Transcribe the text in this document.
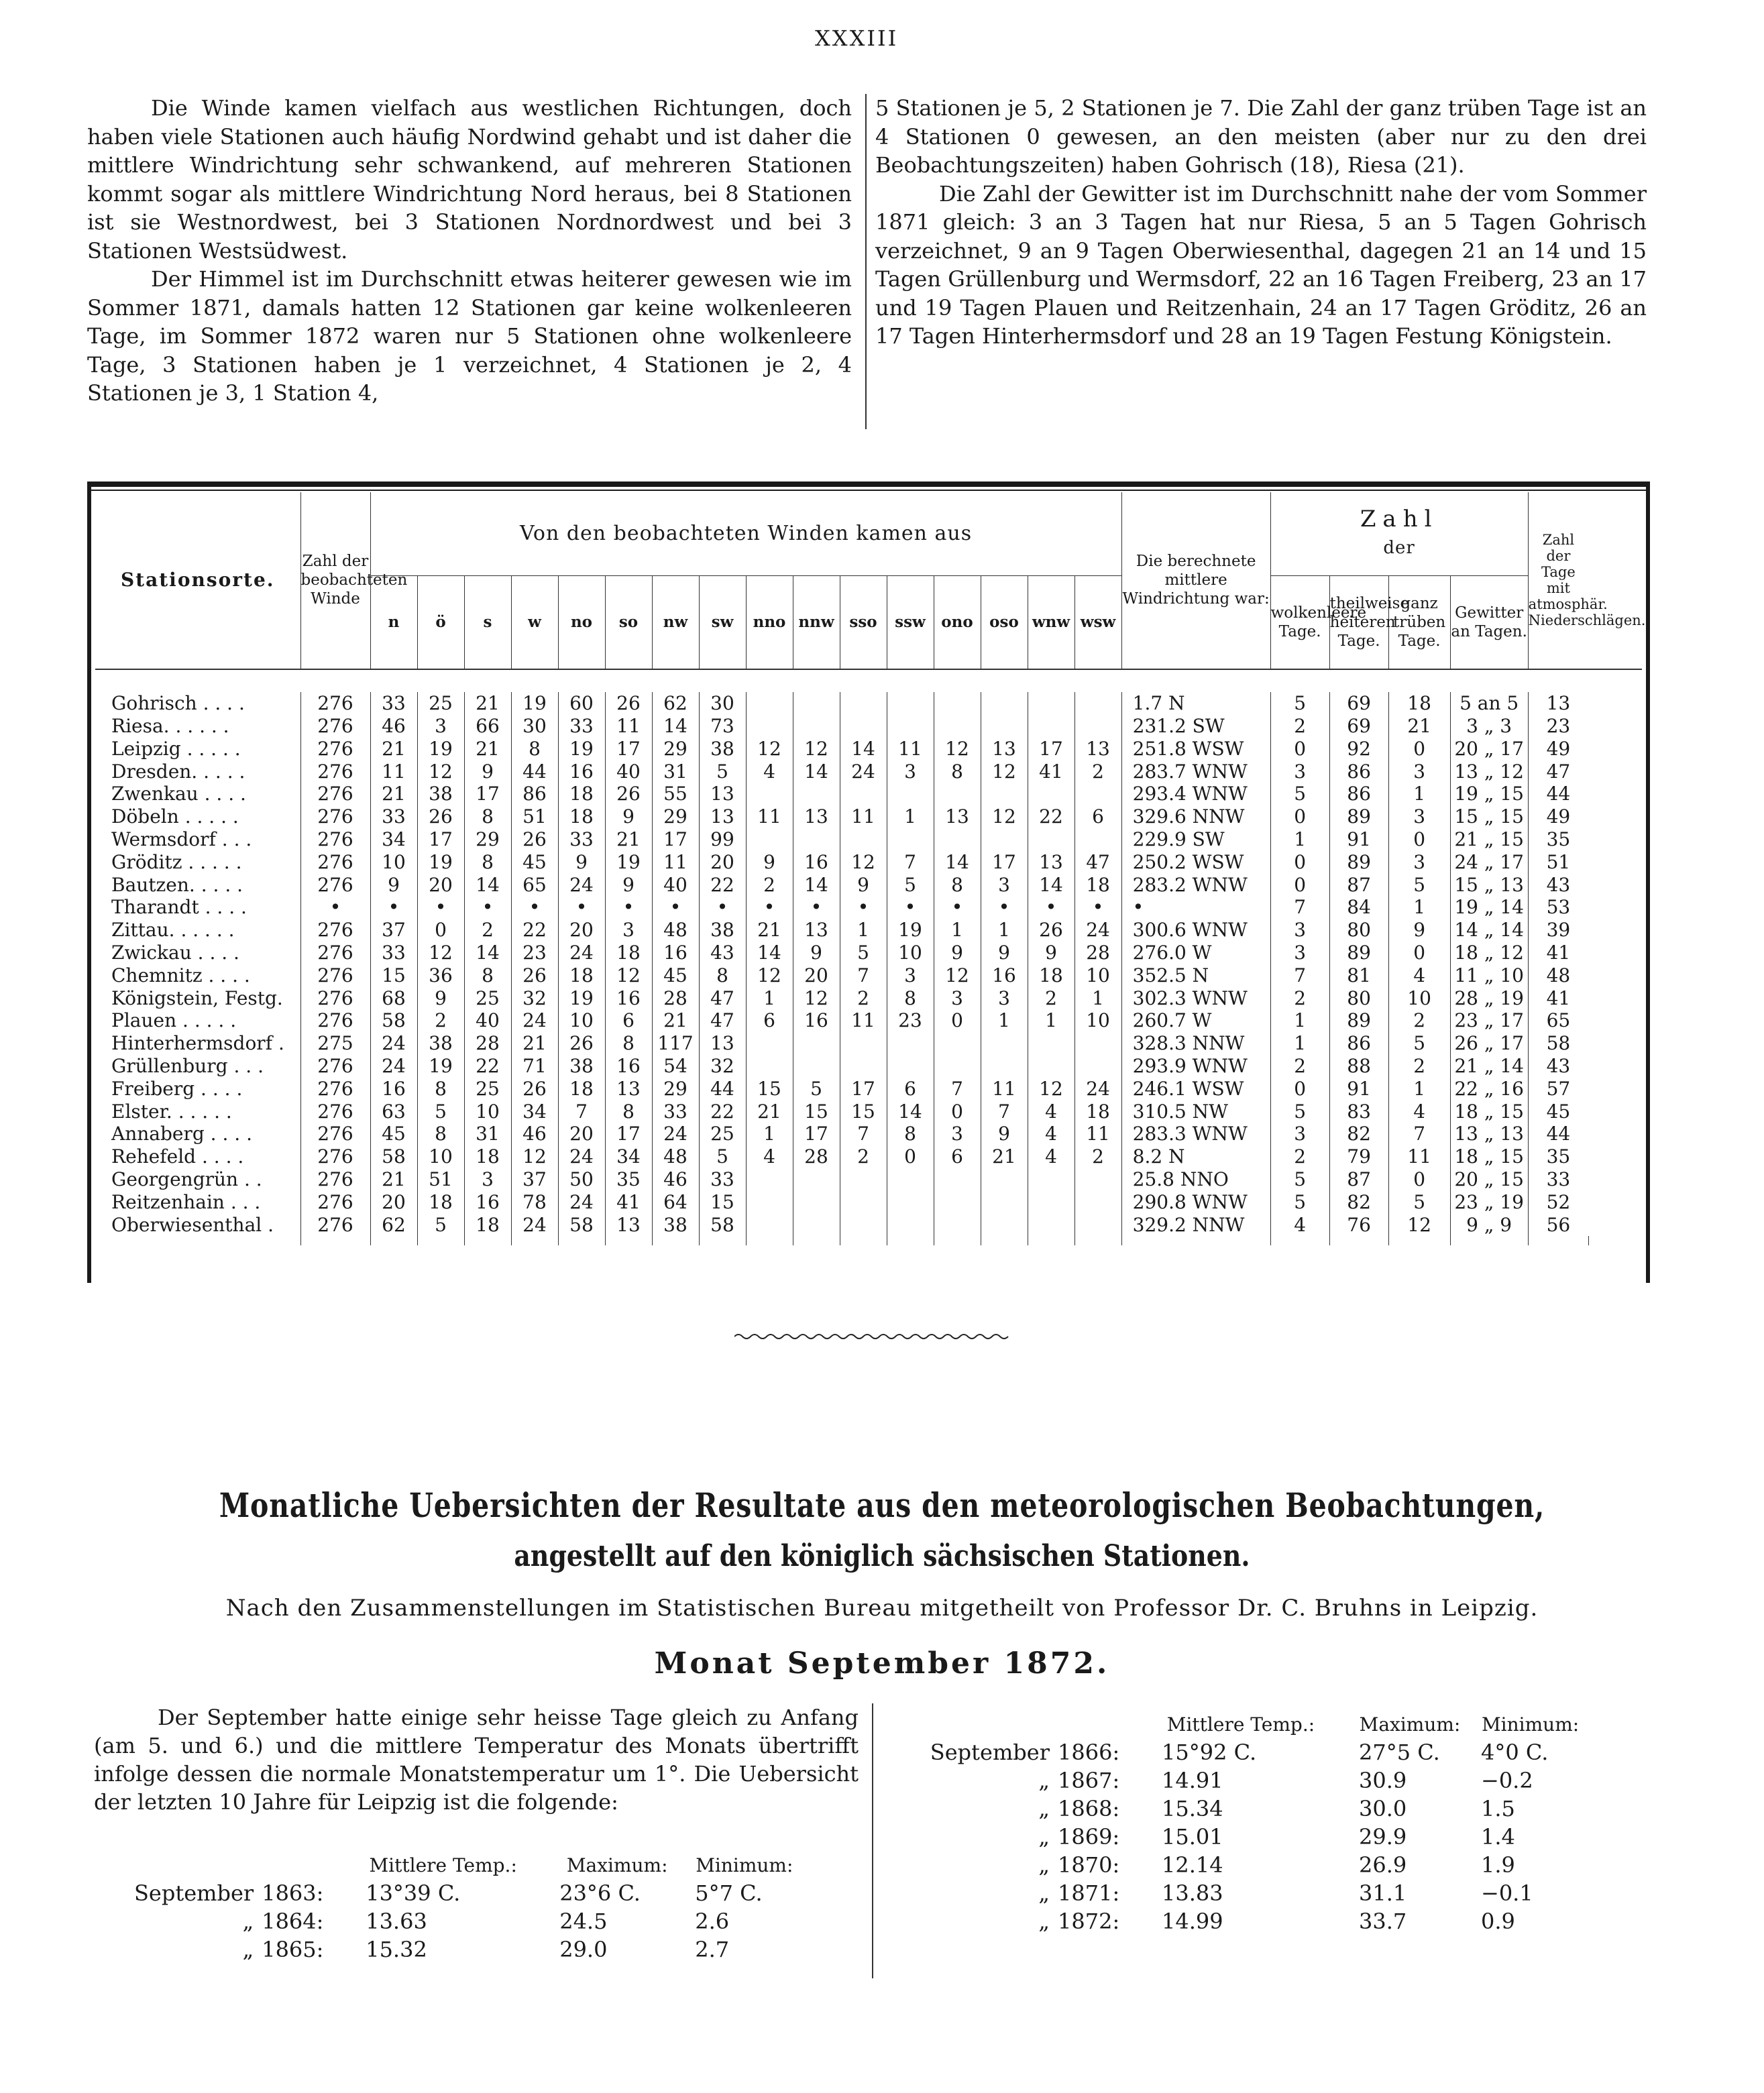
XXXIII

Die Winde kamen vielfach aus westlichen Richtungen, doch haben viele Stationen auch häufig Nordwind gehabt und ist daher die mittlere Windrichtung sehr schwankend, auf mehreren Stationen kommt sogar als mittlere Windrichtung Nord heraus, bei 8 Stationen ist sie Westnordwest, bei 3 Stationen Nordnordwest und bei 3 Stationen Westsüdwest.

Der Himmel ist im Durchschnitt etwas heiterer gewesen wie im Sommer 1871, damals hatten 12 Stationen gar keine wolkenleeren Tage, im Sommer 1872 waren nur 5 Stationen ohne wolkenleere Tage, 3 Stationen haben je 1 verzeichnet, 4 Stationen je 2, 4 Stationen je 3, 1 Station 4,

5 Stationen je 5, 2 Stationen je 7. Die Zahl der ganz trüben Tage ist an 4 Stationen 0 gewesen, an den meisten (aber nur zu den drei Beobachtungszeiten) haben Gohrisch (18), Riesa (21).

Die Zahl der Gewitter ist im Durchschnitt nahe der vom Sommer 1871 gleich: 3 an 3 Tagen hat nur Riesa, 5 an 5 Tagen Gohrisch verzeichnet, 9 an 9 Tagen Oberwiesenthal, dagegen 21 an 14 und 15 Tagen Grüllenburg und Wermsdorf, 22 an 16 Tagen Freiberg, 23 an 17 und 19 Tagen Plauen und Reitzenhain, 24 an 17 Tagen Gröditz, 26 an 17 Tagen Hinterhermsdorf und 28 an 19 Tagen Festung Königstein.

Stationsorte.	Zahl der beobachteten Winde	Von den beobachteten Winden kamen aus																Die berechnete mittlere Windrichtung war:	Zahl
der				Zahl der Tage mit atmosphär. Niederschlägen.	
		n	ö	s	w	no	so	nw	sw	nno	nnw	sso	ssw	ono	oso	wnw	wsw		wolkenleere Tage.	theilweise heiteren Tage.	ganz trüben Tage.	Gewitter an Tagen.		

Gohrisch . . . .	276	33	25	21	19	60	26	62	30									1.7 N	5	69	18	5 an 5	13	
Riesa. . . . . .	276	46	3	66	30	33	11	14	73									231.2 SW	2	69	21	3 „ 3	23	
Leipzig . . . . .	276	21	19	21	8	19	17	29	38	12	12	14	11	12	13	17	13	251.8 WSW	0	92	0	20 „ 17	49	
Dresden. . . . .	276	11	12	9	44	16	40	31	5	4	14	24	3	8	12	41	2	283.7 WNW	3	86	3	13 „ 12	47	
Zwenkau . . . .	276	21	38	17	86	18	26	55	13									293.4 WNW	5	86	1	19 „ 15	44	
Döbeln . . . . .	276	33	26	8	51	18	9	29	13	11	13	11	1	13	12	22	6	329.6 NNW	0	89	3	15 „ 15	49	
Wermsdorf . . .	276	34	17	29	26	33	21	17	99									229.9 SW	1	91	0	21 „ 15	35	
Gröditz . . . . .	276	10	19	8	45	9	19	11	20	9	16	12	7	14	17	13	47	250.2 WSW	0	89	3	24 „ 17	51	
Bautzen. . . . .	276	9	20	14	65	24	9	40	22	2	14	9	5	8	3	14	18	283.2 WNW	0	87	5	15 „ 13	43	
Tharandt . . . .	•	•	•	•	•	•	•	•	•	•	•	•	•	•	•	•	•	•	7	84	1	19 „ 14	53	
Zittau. . . . . .	276	37	0	2	22	20	3	48	38	21	13	1	19	1	1	26	24	300.6 WNW	3	80	9	14 „ 14	39	
Zwickau . . . .	276	33	12	14	23	24	18	16	43	14	9	5	10	9	9	9	28	276.0 W	3	89	0	18 „ 12	41	
Chemnitz . . . .	276	15	36	8	26	18	12	45	8	12	20	7	3	12	16	18	10	352.5 N	7	81	4	11 „ 10	48	
Königstein, Festg.	276	68	9	25	32	19	16	28	47	1	12	2	8	3	3	2	1	302.3 WNW	2	80	10	28 „ 19	41	
Plauen . . . . .	276	58	2	40	24	10	6	21	47	6	16	11	23	0	1	1	10	260.7 W	1	89	2	23 „ 17	65	
Hinterhermsdorf .	275	24	38	28	21	26	8	117	13									328.3 NNW	1	86	5	26 „ 17	58	
Grüllenburg . . .	276	24	19	22	71	38	16	54	32									293.9 WNW	2	88	2	21 „ 14	43	
Freiberg . . . .	276	16	8	25	26	18	13	29	44	15	5	17	6	7	11	12	24	246.1 WSW	0	91	1	22 „ 16	57	
Elster. . . . . .	276	63	5	10	34	7	8	33	22	21	15	15	14	0	7	4	18	310.5 NW	5	83	4	18 „ 15	45	
Annaberg . . . .	276	45	8	31	46	20	17	24	25	1	17	7	8	3	9	4	11	283.3 WNW	3	82	7	13 „ 13	44	
Rehefeld . . . .	276	58	10	18	12	24	34	48	5	4	28	2	0	6	21	4	2	8.2 N	2	79	11	18 „ 15	35	
Georgengrün . .	276	21	51	3	37	50	35	46	33									25.8 NNO	5	87	0	20 „ 15	33	
Reitzenhain . . .	276	20	18	16	78	24	41	64	15									290.8 WNW	5	82	5	23 „ 19	52	
Oberwiesenthal .	276	62	5	18	24	58	13	38	58									329.2 NNW	4	76	12	9 „ 9	56	

Monatliche Uebersichten der Resultate aus den meteorologischen Beobachtungen,
angestellt auf den königlich sächsischen Stationen.
Nach den Zusammenstellungen im Statistischen Bureau mitgetheilt von Professor Dr. C. Bruhns in Leipzig.
Monat September 1872.

Der September hatte einige sehr heisse Tage gleich zu Anfang (am 5. und 6.) und die mittlere Temperatur des Monats übertrifft infolge dessen die normale Monatstemperatur um 1°. Die Uebersicht der letzten 10 Jahre für Leipzig ist die folgende:

		Mittlere Temp.:	Maximum:	Minimum:
September	1863:	13°39 C.	23°6 C.	5°7 C.
„	1864:	13.63	24.5	2.6
„	1865:	15.32	29.0	2.7
		Mittlere Temp.:	Maximum:	Minimum:
September	1866:	15°92 C.	27°5 C.	4°0 C.
„	1867:	14.91	30.9	−0.2
„	1868:	15.34	30.0	1.5
„	1869:	15.01	29.9	1.4
„	1870:	12.14	26.9	1.9
„	1871:	13.83	31.1	−0.1
„	1872:	14.99	33.7	0.9
